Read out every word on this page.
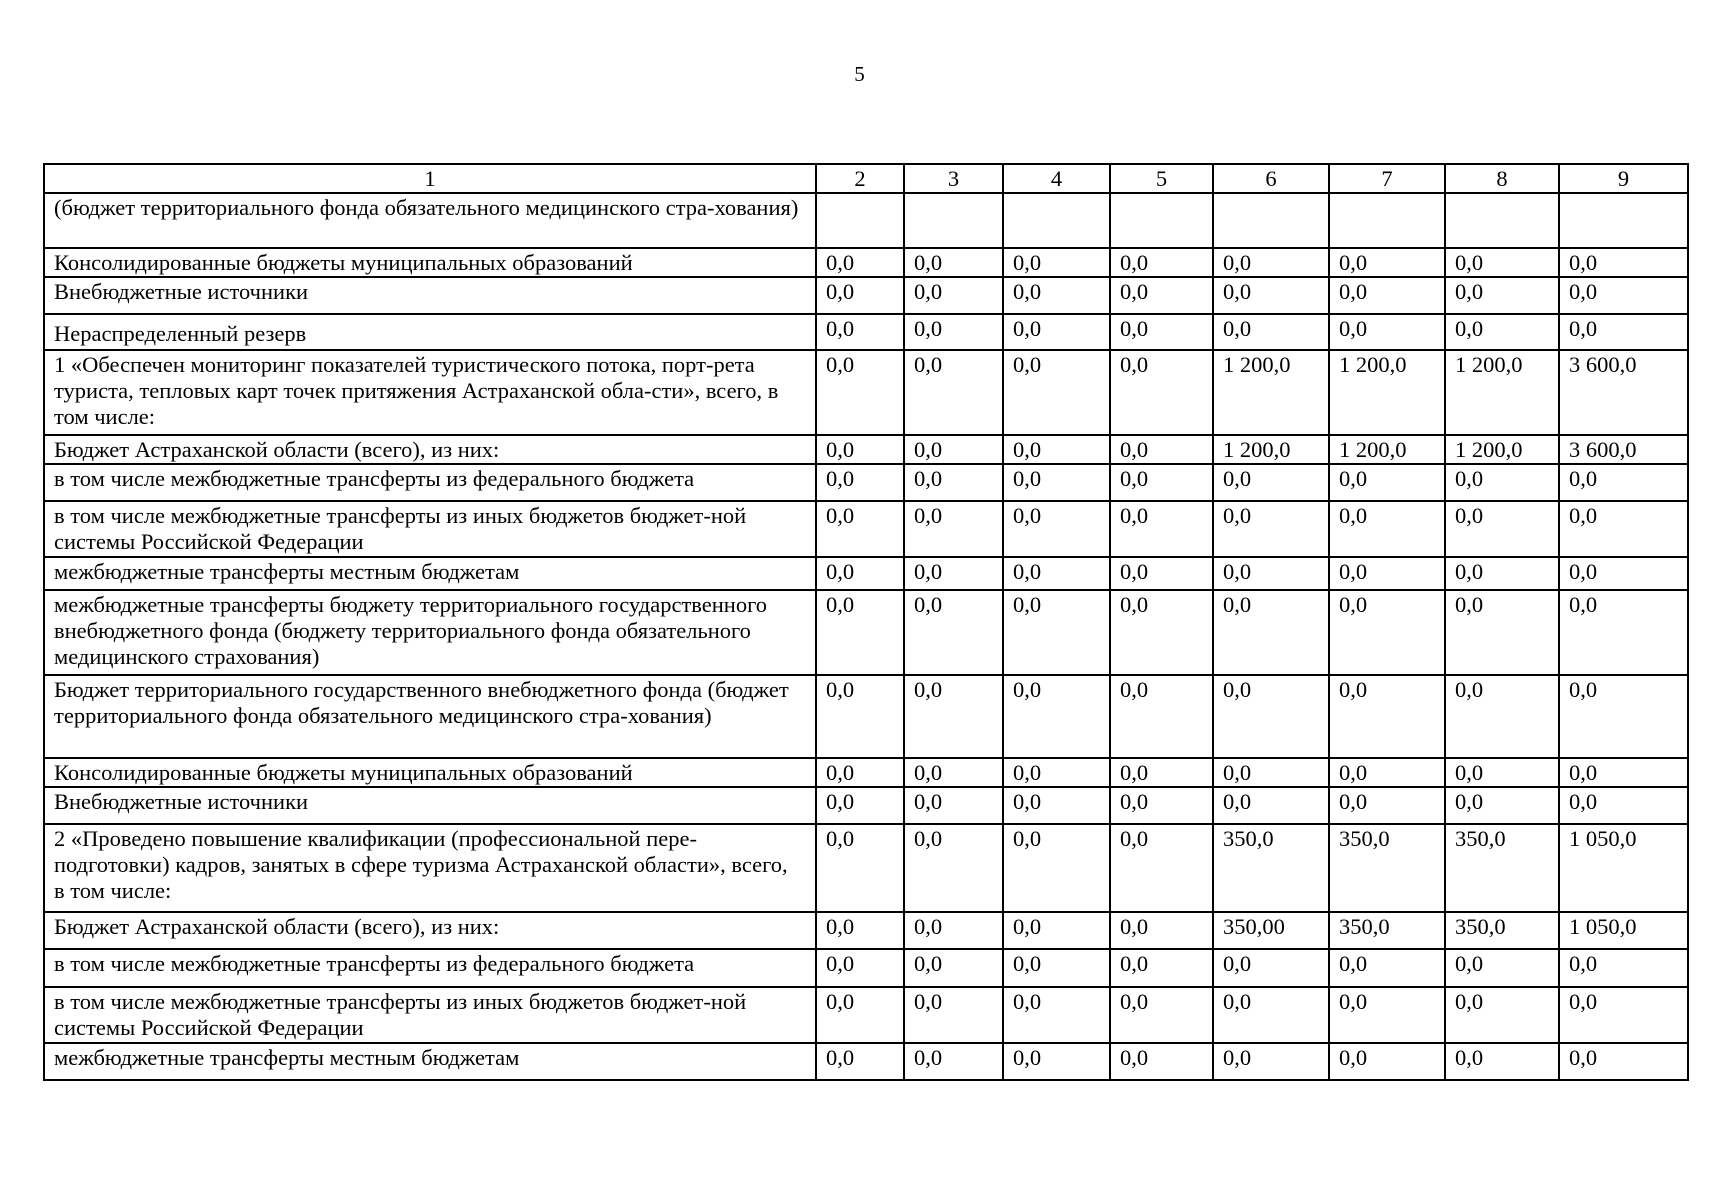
5
1	2	3	4	5	6	7	8	9
(бюджет территориального фонда обязательного медицинского стра-хования)								
Консолидированные бюджеты муниципальных образований	0,0	0,0	0,0	0,0	0,0	0,0	0,0	0,0
Внебюджетные источники	0,0	0,0	0,0	0,0	0,0	0,0	0,0	0,0
Нераспределенный резерв	0,0	0,0	0,0	0,0	0,0	0,0	0,0	0,0
1 «Обеспечен мониторинг показателей туристического потока, порт-рета туриста, тепловых карт точек притяжения Астраханской обла-сти», всего, в том числе:	0,0	0,0	0,0	0,0	1 200,0	1 200,0	1 200,0	3 600,0
Бюджет Астраханской области (всего), из них:	0,0	0,0	0,0	0,0	1 200,0	1 200,0	1 200,0	3 600,0
в том числе межбюджетные трансферты из федерального бюджета	0,0	0,0	0,0	0,0	0,0	0,0	0,0	0,0
в том числе межбюджетные трансферты из иных бюджетов бюджет-ной системы Российской Федерации	0,0	0,0	0,0	0,0	0,0	0,0	0,0	0,0
межбюджетные трансферты местным бюджетам	0,0	0,0	0,0	0,0	0,0	0,0	0,0	0,0
межбюджетные трансферты бюджету территориального государственного внебюджетного фонда (бюджету территориального фонда обязательного медицинского страхования)	0,0	0,0	0,0	0,0	0,0	0,0	0,0	0,0
Бюджет территориального государственного внебюджетного фонда (бюджет территориального фонда обязательного медицинского стра-хования)	0,0	0,0	0,0	0,0	0,0	0,0	0,0	0,0
Консолидированные бюджеты муниципальных образований	0,0	0,0	0,0	0,0	0,0	0,0	0,0	0,0
Внебюджетные источники	0,0	0,0	0,0	0,0	0,0	0,0	0,0	0,0
2 «Проведено повышение квалификации (профессиональной пере-подготовки) кадров, занятых в сфере туризма Астраханской области», всего, в том числе:	0,0	0,0	0,0	0,0	350,0	350,0	350,0	1 050,0
Бюджет Астраханской области (всего), из них:	0,0	0,0	0,0	0,0	350,00	350,0	350,0	1 050,0
в том числе межбюджетные трансферты из федерального бюджета	0,0	0,0	0,0	0,0	0,0	0,0	0,0	0,0
в том числе межбюджетные трансферты из иных бюджетов бюджет-ной системы Российской Федерации	0,0	0,0	0,0	0,0	0,0	0,0	0,0	0,0
межбюджетные трансферты местным бюджетам	0,0	0,0	0,0	0,0	0,0	0,0	0,0	0,0
